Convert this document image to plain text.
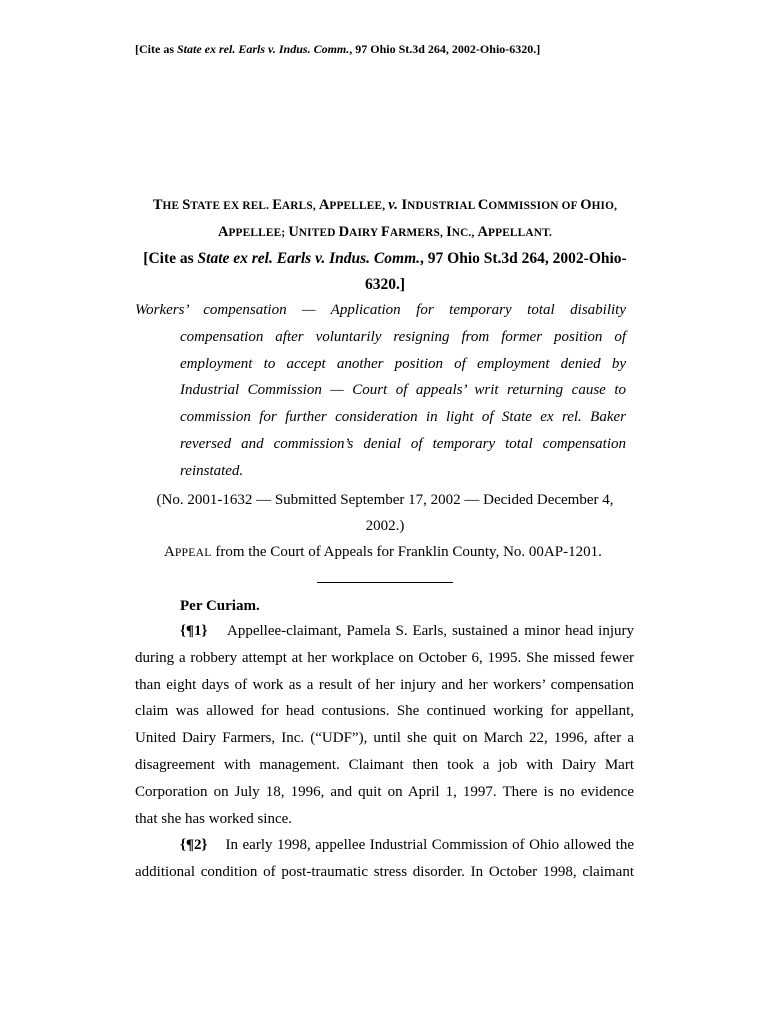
[Cite as State ex rel. Earls v. Indus. Comm., 97 Ohio St.3d 264, 2002-Ohio-6320.]
THE STATE EX REL. EARLS, APPELLEE, v. INDUSTRIAL COMMISSION OF OHIO,
APPELLEE; UNITED DAIRY FARMERS, INC., APPELLANT.
[Cite as State ex rel. Earls v. Indus. Comm., 97 Ohio St.3d 264, 2002-Ohio-
6320.]
Workers’ compensation — Application for temporary total disability
compensation after voluntarily resigning from former position of
employment to accept another position of employment denied by
Industrial Commission — Court of appeals’ writ returning cause to
commission for further consideration in light of State ex rel. Baker
reversed and commission’s denial of temporary total compensation
reinstated.
(No. 2001-1632 — Submitted September 17, 2002 — Decided December 4,
2002.)
APPEAL from the Court of Appeals for Franklin County, No. 00AP-1201.
Per Curiam.
{¶1} Appellee-claimant, Pamela S. Earls, sustained a minor head injury
during a robbery attempt at her workplace on October 6, 1995. She missed fewer
than eight days of work as a result of her injury and her workers’ compensation
claim was allowed for head contusions. She continued working for appellant,
United Dairy Farmers, Inc. (“UDF”), until she quit on March 22, 1996, after a
disagreement with management. Claimant then took a job with Dairy Mart
Corporation on July 18, 1996, and quit on April 1, 1997. There is no evidence
that she has worked since.
{¶2} In early 1998, appellee Industrial Commission of Ohio allowed the
additional condition of post-traumatic stress disorder. In October 1998, claimant
